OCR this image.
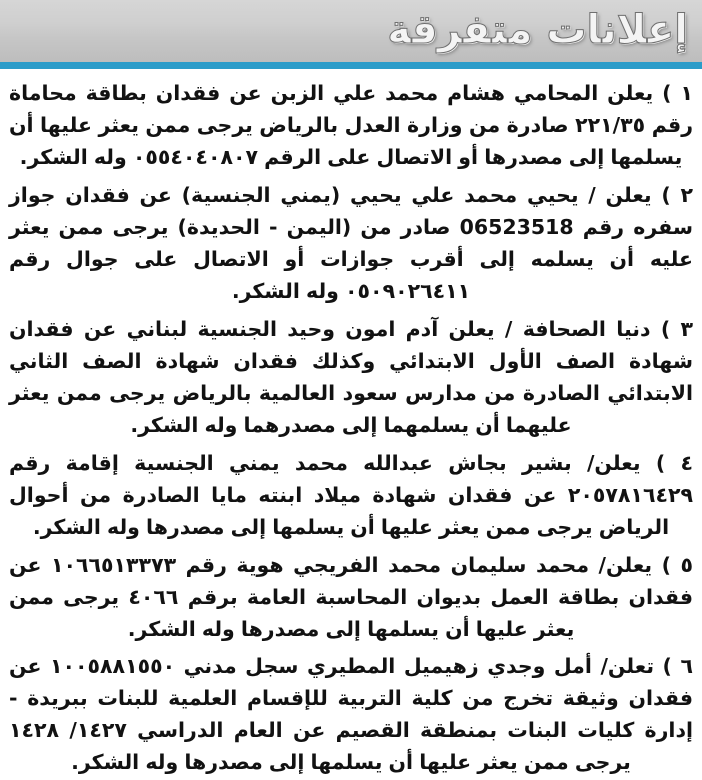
إعلانات متفرقة

١ ) يعلن المحامي هشام محمد علي الزبن عن فقدان بطاقة محاماة رقم ٢٢١/٣٥ صادرة من وزارة العدل بالرياض يرجى ممن يعثر عليها أن يسلمها إلى مصدرها أو الاتصال على الرقم ٠٥٥٤٠٤٠٨٠٧ وله الشكر.

٢ ) يعلن / يحيي محمد علي يحيي (يمني الجنسية) عن فقدان جواز سفره رقم 06523518 صادر من (اليمن - الحديدة) يرجى ممن يعثر عليه أن يسلمه إلى أقرب جوازات أو الاتصال على جوال رقم ٠٥٠٩٠٢٦٤١١ وله الشكر.

٣ ) دنيا الصحافة / يعلن آدم امون وحيد الجنسية لبناني عن فقدان شهادة الصف الأول الابتدائي وكذلك فقدان شهادة الصف الثاني الابتدائي الصادرة من مدارس سعود العالمية بالرياض يرجى ممن يعثر عليهما أن يسلمهما إلى مصدرهما وله الشكر.

٤ ) يعلن/ بشير بجاش عبدالله محمد يمني الجنسية إقامة رقم ٢٠٥٧٨١٦٤٢٩ عن فقدان شهادة ميلاد ابنته مايا الصادرة من أحوال الرياض يرجى ممن يعثر عليها أن يسلمها إلى مصدرها وله الشكر.

٥ ) يعلن/ محمد سليمان محمد الفريجي هوية رقم ١٠٦٦٥١٣٣٧٣ عن فقدان بطاقة العمل بديوان المحاسبة العامة برقم ٤٠٦٦ يرجى ممن يعثر عليها أن يسلمها إلى مصدرها وله الشكر.

٦ ) تعلن/ أمل وجدي زهيميل المطيري سجل مدني ١٠٠٥٨٨١٥٥٠ عن فقدان وثيقة تخرج من كلية التربية للإقسام العلمية للبنات ببريدة - إدارة كليات البنات بمنطقة القصيم عن العام الدراسي ١٤٢٧/ ١٤٢٨ يرجى ممن يعثر عليها أن يسلمها إلى مصدرها وله الشكر.
